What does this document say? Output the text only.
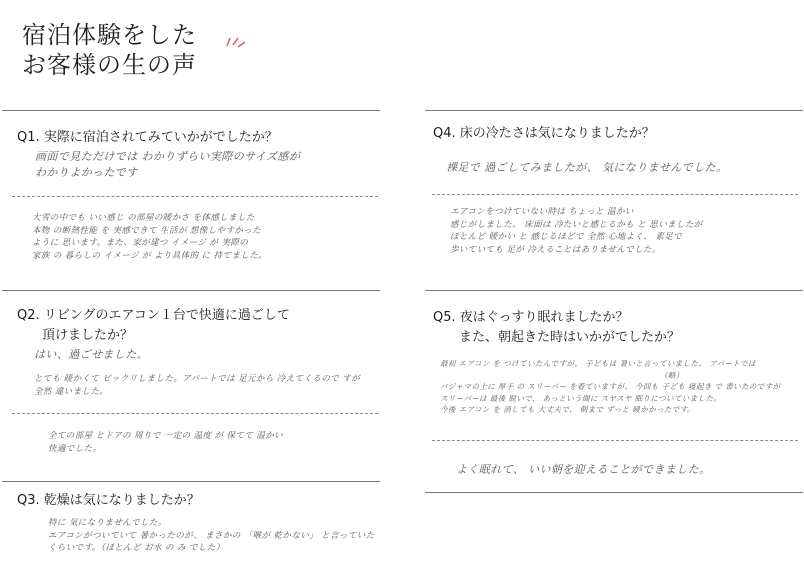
宿泊体験をした
お客様の生の声
Q1. 実際に宿泊されてみていかがでしたか？
画面で見ただけでは わかりずらい実際のサイズ感が
わかりよかったです
大雪の中でも いい感じ の部屋の暖かさ を体感しました
本物 の断熱性能 を 実感できて 生活が 想像しやすかった
ように 思います。また、家が建つ イメージ が 実際の
家族 の 暮らしの イメージ が より具体的 に 持てました。
Q2. リビングのエアコン１台で快適に過ごして
頂けましたか？
はい、過ごせました。
とても 暖かくて ビックリしました。アパートでは 足元から 冷えてくるので すが
全然 違いました。
全ての部屋 とドアの 周りで 一定の 温度 が 保てて 温かい
快適でした。
Q3. 乾燥は気になりましたか？
特に 気になりませんでした。
エアコンがついていて 暑かったのが、 まさかの 「喉が 乾かない」 と言っていた
くらいです。（ほとんど お水 の み でした）
Q4. 床の冷たさは気になりましたか？
裸足で 過ごしてみましたが、 気になりませんでした。
エアコンをつけていない時は ちょっと 温かい
感じがしました。 床面は 冷たいと感じるかも と 思いましたが
ほとんど 暖かい と 感じるほどで 全然 心地よく、 素足で
歩いていても 足が 冷えることはありませんでした。
Q5. 夜はぐっすり眠れましたか？
また、朝起きた時はいかがでしたか？
最初 エアコン を つけていたんですが、 子どもは 暑いと言っていました。 アパートでは
（略）
バジャマの上に 厚手 の スリーパー を着ていますが、 今回も 子ども 寝起き で 書いたのですが
スリーパーは 最後 脱いで、 あっという間に スヤスヤ 眠りについていました。
今後 エアコン を 消しても 大丈夫で、 朝まで ずっと 暖かかったです。
よく眠れて、 いい朝を迎えることができました。
